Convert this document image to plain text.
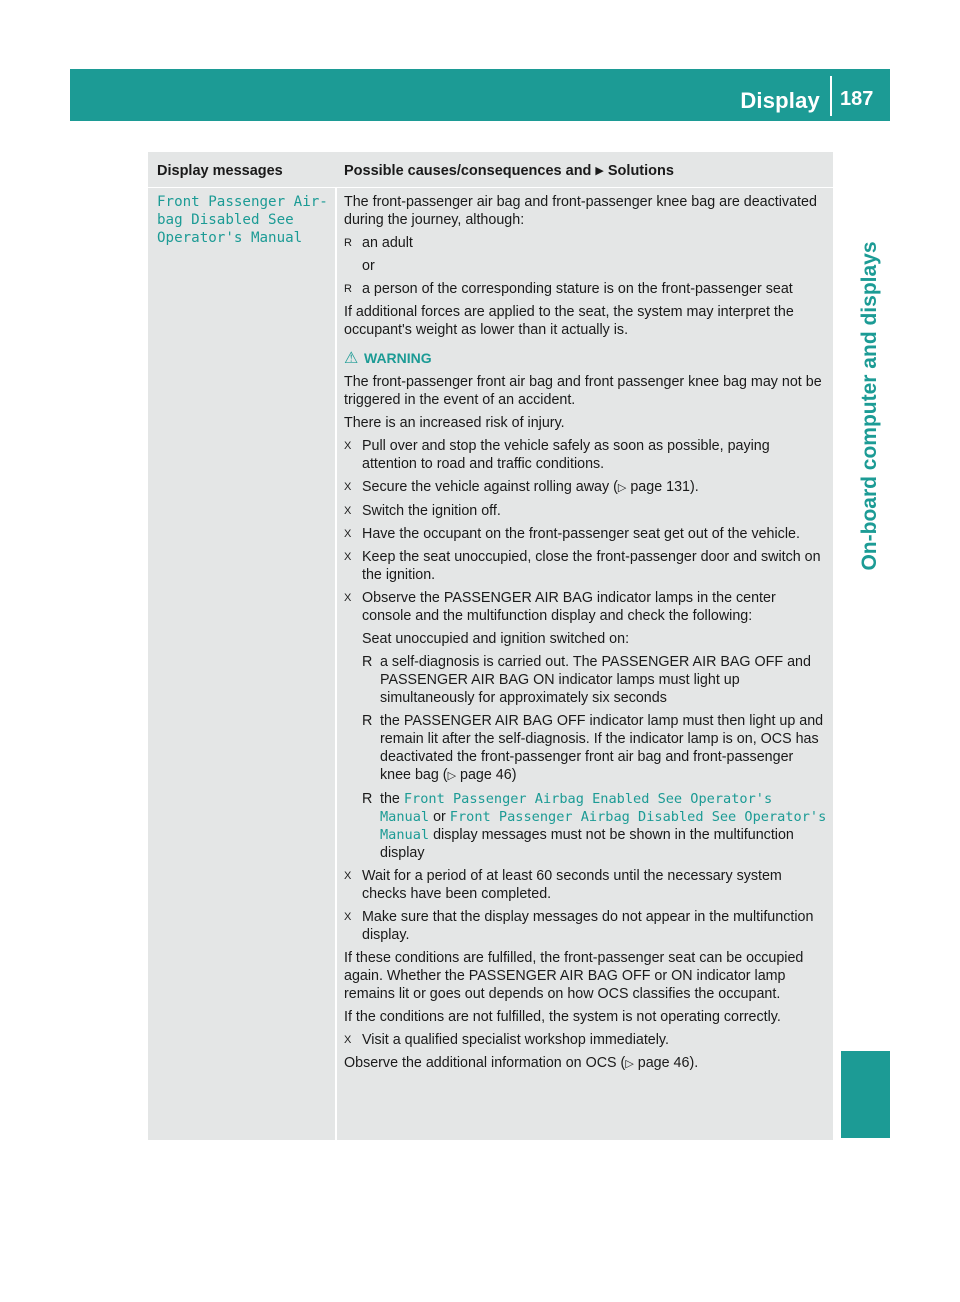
Display messages
187
On-board computer and displays
Display messages	Possible causes/consequences and ▶ Solutions
Front Passenger Air‐
bag Disabled See
Operator's Manual

The front-passenger air bag and front-passenger knee bag are deactivated during the journey, although:

R an adult
or
R a person of the corresponding stature is on the front-passenger seat

If additional forces are applied to the seat, the system may interpret the occupant's weight as lower than it actually is.

⚠ WARNING

The front-passenger front air bag and front passenger knee bag may not be triggered in the event of an accident.

There is an increased risk of injury.

X Pull over and stop the vehicle safely as soon as possible, paying attention to road and traffic conditions.
X Secure the vehicle against rolling away (▷ page 131).
X Switch the ignition off.
X Have the occupant on the front-passenger seat get out of the vehicle.
X Keep the seat unoccupied, close the front-passenger door and switch on the ignition.
X Observe the PASSENGER AIR BAG indicator lamps in the center console and the multifunction display and check the following:
Seat unoccupied and ignition switched on:
R a self-diagnosis is carried out. The PASSENGER AIR BAG OFF and PASSENGER AIR BAG ON indicator lamps must light up simultaneously for approximately six seconds
R the PASSENGER AIR BAG OFF indicator lamp must then light up and remain lit after the self-diagnosis. If the indicator lamp is on, OCS has deactivated the front-passenger front air bag and front-passenger knee bag (▷ page 46)
R the Front Passenger Airbag Enabled See Operator's Manual or Front Passenger Airbag Disabled See Operator's Manual display messages must not be shown in the multifunction display
X Wait for a period of at least 60 seconds until the necessary system checks have been completed.
X Make sure that the display messages do not appear in the multifunction display.

If these conditions are fulfilled, the front-passenger seat can be occupied again. Whether the PASSENGER AIR BAG OFF or ON indicator lamp remains lit or goes out depends on how OCS classifies the occupant.

If the conditions are not fulfilled, the system is not operating correctly.

X Visit a qualified specialist workshop immediately.

Observe the additional information on OCS (▷ page 46).
